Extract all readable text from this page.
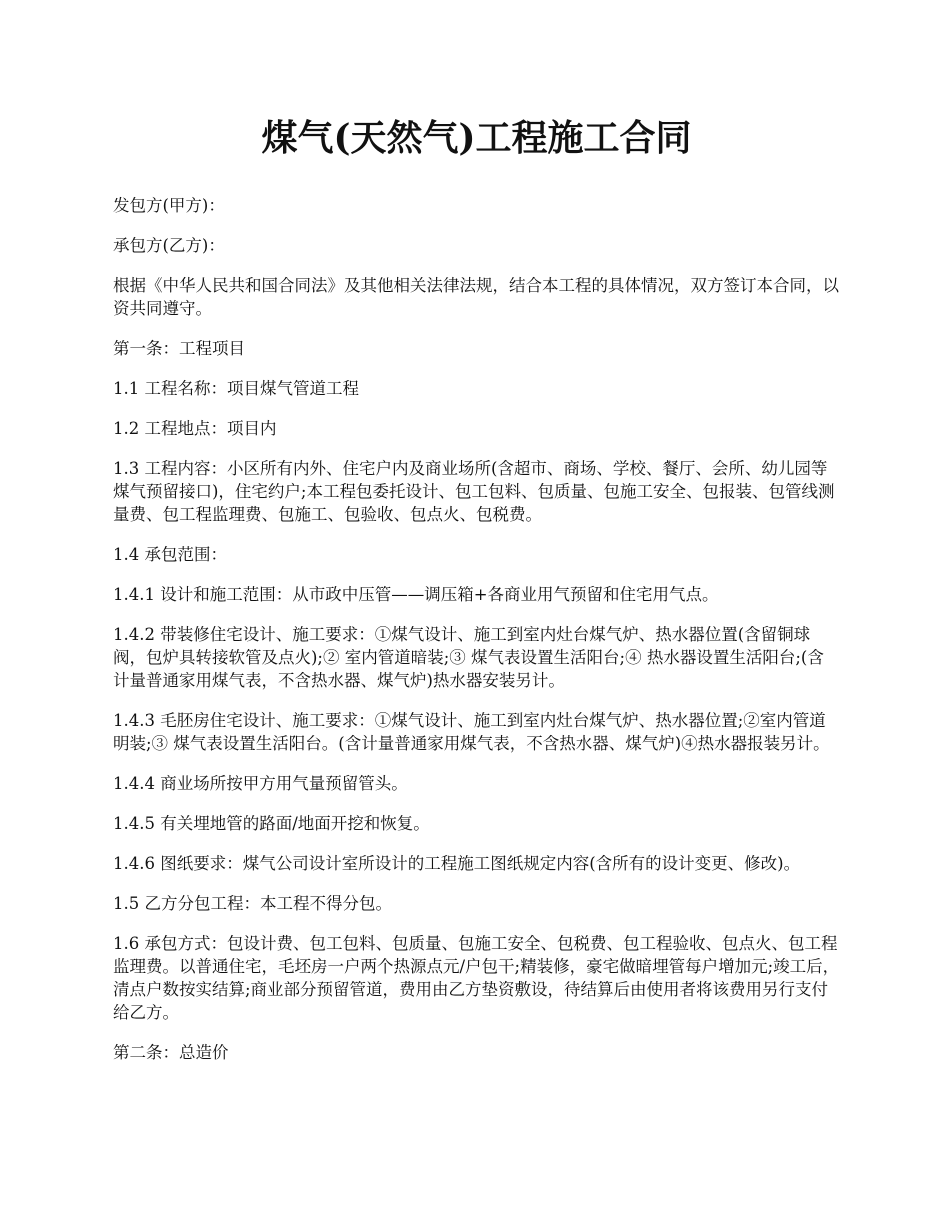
煤气(天然气)工程施工合同

发包方(甲方)：

承包方(乙方)：

根据《中华人民共和国合同法》及其他相关法律法规，结合本工程的具体情况，双方签订本合同，以资共同遵守。

第一条：工程项目

1.1 工程名称：项目煤气管道工程

1.2 工程地点：项目内

1.3 工程内容：小区所有内外、住宅户内及商业场所(含超市、商场、学校、餐厅、会所、幼儿园等煤气预留接口)，住宅约户;本工程包委托设计、包工包料、包质量、包施工安全、包报装、包管线测量费、包工程监理费、包施工、包验收、包点火、包税费。

1.4 承包范围：

1.4.1 设计和施工范围：从市政中压管——调压箱+各商业用气预留和住宅用气点。

1.4.2 带装修住宅设计、施工要求：①煤气设计、施工到室内灶台煤气炉、热水器位置(含留铜球阀，包炉具转接软管及点火);② 室内管道暗装;③ 煤气表设置生活阳台;④ 热水器设置生活阳台;(含计量普通家用煤气表，不含热水器、煤气炉)热水器安装另计。

1.4.3 毛胚房住宅设计、施工要求：①煤气设计、施工到室内灶台煤气炉、热水器位置;②室内管道明装;③ 煤气表设置生活阳台。(含计量普通家用煤气表，不含热水器、煤气炉)④热水器报装另计。

1.4.4 商业场所按甲方用气量预留管头。

1.4.5 有关埋地管的路面/地面开挖和恢复。

1.4.6 图纸要求：煤气公司设计室所设计的工程施工图纸规定内容(含所有的设计变更、修改)。

1.5 乙方分包工程：本工程不得分包。

1.6 承包方式：包设计费、包工包料、包质量、包施工安全、包税费、包工程验收、包点火、包工程监理费。以普通住宅，毛坯房一户两个热源点元/户包干;精装修，豪宅做暗埋管每户增加元;竣工后，清点户数按实结算;商业部分预留管道，费用由乙方垫资敷设，待结算后由使用者将该费用另行支付给乙方。

第二条：总造价
